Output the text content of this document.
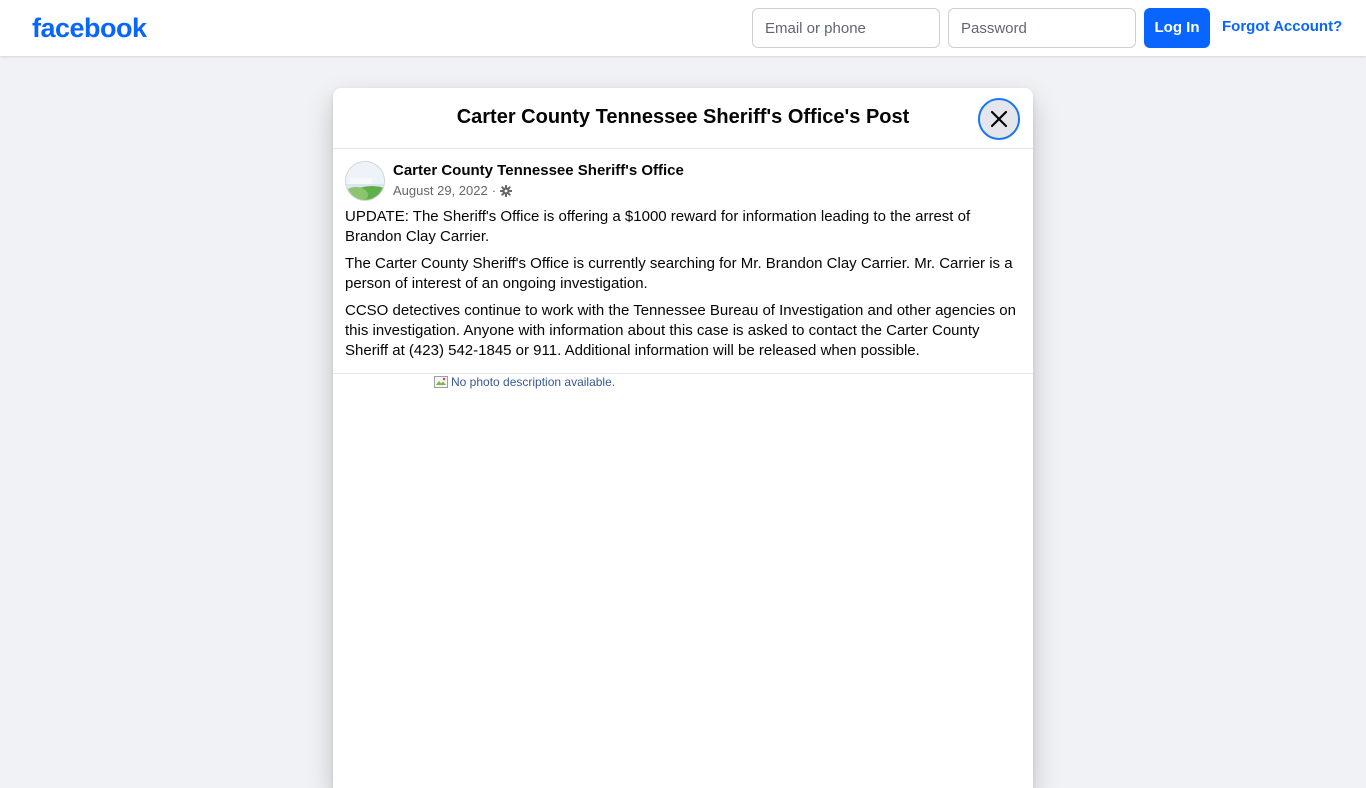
facebook
Email or phone	Log In	Forgot Account?
Carter County Tennessee Sheriff's Office's Post
Carter County Tennessee Sheriff's Office
August 29, 2022 ·

UPDATE: The Sheriff's Office is offering a $1000 reward for information leading to the arrest of Brandon Clay Carrier.

The Carter County Sheriff's Office is currently searching for Mr. Brandon Clay Carrier. Mr. Carrier is a person of interest of an ongoing investigation.

CCSO detectives continue to work with the Tennessee Bureau of Investigation and other agencies on this investigation. Anyone with information about this case is asked to contact the Carter County Sheriff at (423) 542-1845 or 911. Additional information will be released when possible.

No photo description available.
